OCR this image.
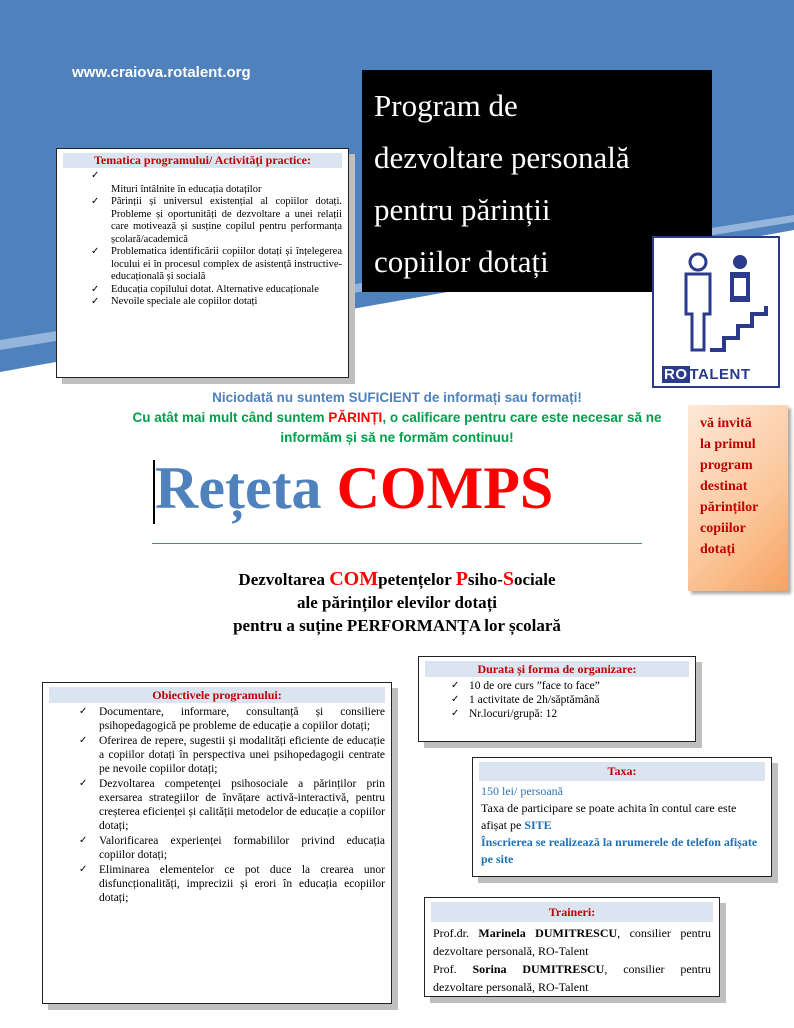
www.craiova.rotalent.org
Program de
dezvoltare personală
pentru părinții
copiilor dotați
RO TALENT
Tematica programului/ Activități practice:
✓
Mituri întâlnite în educația dotaților
✓ Părinții și universul existențial al copiilor dotați. Probleme și oportunități de dezvoltare a unei relații care motivează și susține copilul pentru performanța școlară/academică
✓ Problematica identificării copiilor dotați și înțelegerea locului ei în procesul complex de asistență instructive-educațională și socială
✓ Educația copilului dotat. Alternative educaționale
✓ Nevoile speciale ale copiilor dotați
Niciodată nu suntem SUFICIENT de informați sau formați!
Cu atât mai mult când suntem PĂRINȚI, o calificare pentru care este necesar să ne
informăm și să ne formăm continuu!
vă invită
la primul
program
destinat
părinților
copiilor
dotați
Rețeta COMPS
Dezvoltarea COMpetențelor Psiho-Sociale
ale părinților elevilor dotați
pentru a suține PERFORMANȚA lor școlară
Durata și forma de organizare:
✓ 10 de ore curs ”face to face”
✓ 1 activitate de 2h/săptămână
✓ Nr.locuri/grupă: 12
Obiectivele programului:
✓ Documentare, informare, consultanță și consiliere psihopedagogică pe probleme de educație a copiilor dotați;
✓ Oferirea de repere, sugestii și modalități eficiente de educație a copiilor dotați în perspectiva unei psihopedagogii centrate pe nevoile copiilor dotați;
✓ Dezvoltarea competenței psihosociale a părinților prin exersarea strategiilor de învățare activă-interactivă, pentru creșterea eficienței și calității metodelor de educație a copiilor dotați;
✓ Valorificarea experienței formabililor privind educația copiilor dotați;
✓ Eliminarea elementelor ce pot duce la crearea unor disfuncționalități, imprecizii și erori în educația ecopiilor dotați;
Taxa:
150 lei/ persoană
Taxa de participare se poate achita în contul care este afișat pe SITE
Înscrierea se realizează la nrumerele de telefon afișate pe site
Traineri:
Prof.dr. Marinela DUMITRESCU, consilier pentru dezvoltare personală, RO-Talent
Prof. Sorina DUMITRESCU, consilier pentru dezvoltare personală, RO-Talent
